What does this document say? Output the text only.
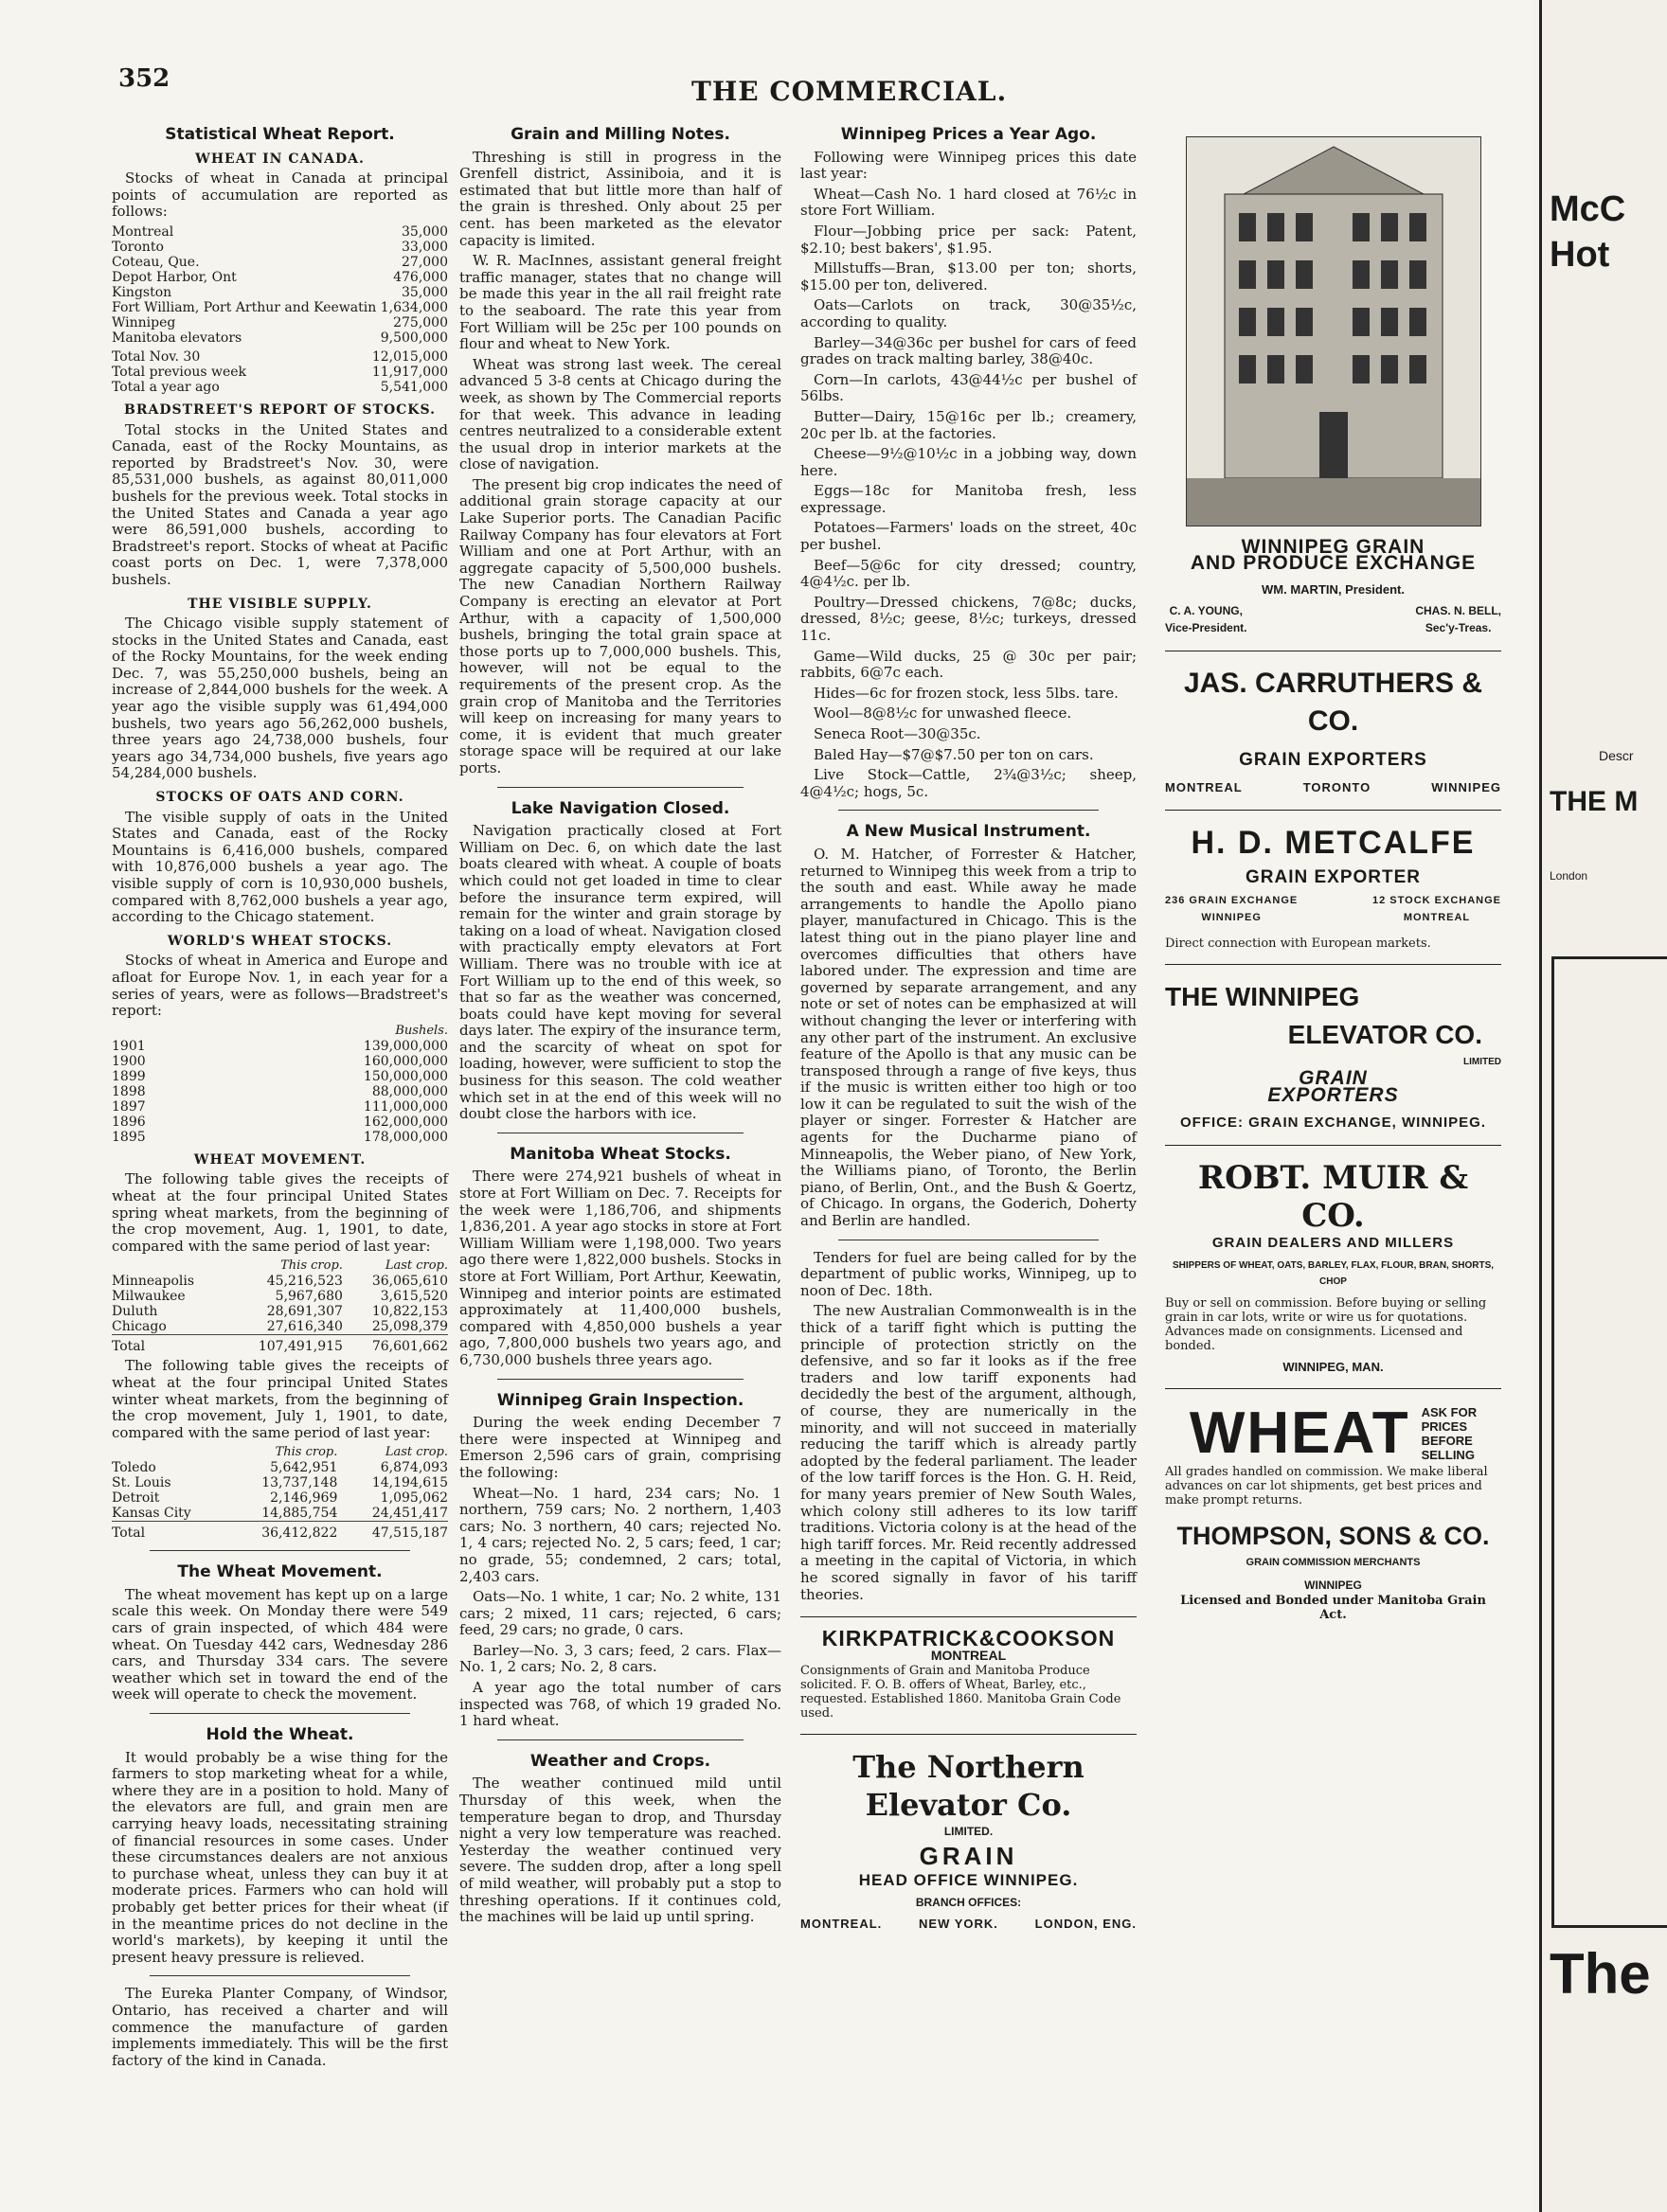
352	THE COMMERCIAL.
Statistical Wheat Report.
WHEAT IN CANADA.

Stocks of wheat in Canada at principal points of accumulation are reported as follows:

Montreal	35,000
Toronto	33,000
Coteau, Que.	27,000
Depot Harbor, Ont	476,000
Kingston	35,000
Fort William, Port Arthur and Keewatin	1,634,000
Winnipeg	275,000
Manitoba elevators	9,500,000
Total Nov. 30	12,015,000
Total previous week	11,917,000
Total a year ago	5,541,000
BRADSTREET'S REPORT OF STOCKS.

Total stocks in the United States and Canada, east of the Rocky Mountains, as reported by Bradstreet's Nov. 30, were 85,531,000 bushels, as against 80,011,000 bushels for the previous week. Total stocks in the United States and Canada a year ago were 86,591,000 bushels, according to Bradstreet's report. Stocks of wheat at Pacific coast ports on Dec. 1, were 7,378,000 bushels.

THE VISIBLE SUPPLY.

The Chicago visible supply statement of stocks in the United States and Canada, east of the Rocky Mountains, for the week ending Dec. 7, was 55,250,000 bushels, being an increase of 2,844,000 bushels for the week. A year ago the visible supply was 61,494,000 bushels, two years ago 56,262,000 bushels, three years ago 24,738,000 bushels, four years ago 34,734,000 bushels, five years ago 54,284,000 bushels.

STOCKS OF OATS AND CORN.

The visible supply of oats in the United States and Canada, east of the Rocky Mountains is 6,416,000 bushels, compared with 10,876,000 bushels a year ago. The visible supply of corn is 10,930,000 bushels, compared with 8,762,000 bushels a year ago, according to the Chicago statement.

WORLD'S WHEAT STOCKS.

Stocks of wheat in America and Europe and afloat for Europe Nov. 1, in each year for a series of years, were as follows—Bradstreet's report:

	Bushels.
1901	139,000,000
1900	160,000,000
1899	150,000,000
1898	88,000,000
1897	111,000,000
1896	162,000,000
1895	178,000,000
WHEAT MOVEMENT.

The following table gives the receipts of wheat at the four principal United States spring wheat markets, from the beginning of the crop movement, Aug. 1, 1901, to date, compared with the same period of last year:

	This crop.	Last crop.
Minneapolis	45,216,523	36,065,610
Milwaukee	5,967,680	3,615,520
Duluth	28,691,307	10,822,153
Chicago	27,616,340	25,098,379
Total	107,491,915	76,601,662

The following table gives the receipts of wheat at the four principal United States winter wheat markets, from the beginning of the crop movement, July 1, 1901, to date, compared with the same period of last year:

	This crop.	Last crop.
Toledo	5,642,951	6,874,093
St. Louis	13,737,148	14,194,615
Detroit	2,146,969	1,095,062
Kansas City	14,885,754	24,451,417
Total	36,412,822	47,515,187
The Wheat Movement.

The wheat movement has kept up on a large scale this week. On Monday there were 549 cars of grain inspected, of which 484 were wheat. On Tuesday 442 cars, Wednesday 286 cars, and Thursday 334 cars. The severe weather which set in toward the end of the week will operate to check the movement.

Hold the Wheat.

It would probably be a wise thing for the farmers to stop marketing wheat for a while, where they are in a position to hold. Many of the elevators are full, and grain men are carrying heavy loads, necessitating straining of financial resources in some cases. Under these circumstances dealers are not anxious to purchase wheat, unless they can buy it at moderate prices. Farmers who can hold will probably get better prices for their wheat (if in the meantime prices do not decline in the world's markets), by keeping it until the present heavy pressure is relieved.

The Eureka Planter Company, of Windsor, Ontario, has received a charter and will commence the manufacture of garden implements immediately. This will be the first factory of the kind in Canada.

Grain and Milling Notes.

Threshing is still in progress in the Grenfell district, Assiniboia, and it is estimated that but little more than half of the grain is threshed. Only about 25 per cent. has been marketed as the elevator capacity is limited.

W. R. MacInnes, assistant general freight traffic manager, states that no change will be made this year in the all rail freight rate to the seaboard. The rate this year from Fort William will be 25c per 100 pounds on flour and wheat to New York.

Wheat was strong last week. The cereal advanced 5 3-8 cents at Chicago during the week, as shown by The Commercial reports for that week. This advance in leading centres neutralized to a considerable extent the usual drop in interior markets at the close of navigation.

The present big crop indicates the need of additional grain storage capacity at our Lake Superior ports. The Canadian Pacific Railway Company has four elevators at Fort William and one at Port Arthur, with an aggregate capacity of 5,500,000 bushels. The new Canadian Northern Railway Company is erecting an elevator at Port Arthur, with a capacity of 1,500,000 bushels, bringing the total grain space at those ports up to 7,000,000 bushels. This, however, will not be equal to the requirements of the present crop. As the grain crop of Manitoba and the Territories will keep on increasing for many years to come, it is evident that much greater storage space will be required at our lake ports.

Lake Navigation Closed.

Navigation practically closed at Fort William on Dec. 6, on which date the last boats cleared with wheat. A couple of boats which could not get loaded in time to clear before the insurance term expired, will remain for the winter and grain storage by taking on a load of wheat. Navigation closed with practically empty elevators at Fort William. There was no trouble with ice at Fort William up to the end of this week, so that so far as the weather was concerned, boats could have kept moving for several days later. The expiry of the insurance term, and the scarcity of wheat on spot for loading, however, were sufficient to stop the business for this season. The cold weather which set in at the end of this week will no doubt close the harbors with ice.

Manitoba Wheat Stocks.

There were 274,921 bushels of wheat in store at Fort William on Dec. 7. Receipts for the week were 1,186,706, and shipments 1,836,201. A year ago stocks in store at Fort William William were 1,198,000. Two years ago there were 1,822,000 bushels. Stocks in store at Fort William, Port Arthur, Keewatin, Winnipeg and interior points are estimated approximately at 11,400,000 bushels, compared with 4,850,000 bushels a year ago, 7,800,000 bushels two years ago, and 6,730,000 bushels three years ago.

Winnipeg Grain Inspection.

During the week ending December 7 there were inspected at Winnipeg and Emerson 2,596 cars of grain, comprising the following:

Wheat—No. 1 hard, 234 cars; No. 1 northern, 759 cars; No. 2 northern, 1,403 cars; No. 3 northern, 40 cars; rejected No. 1, 4 cars; rejected No. 2, 5 cars; feed, 1 car; no grade, 55; condemned, 2 cars; total, 2,403 cars.

Oats—No. 1 white, 1 car; No. 2 white, 131 cars; 2 mixed, 11 cars; rejected, 6 cars; feed, 29 cars; no grade, 0 cars.

Barley—No. 3, 3 cars; feed, 2 cars. Flax—No. 1, 2 cars; No. 2, 8 cars.

A year ago the total number of cars inspected was 768, of which 19 graded No. 1 hard wheat.

Weather and Crops.

The weather continued mild until Thursday of this week, when the temperature began to drop, and Thursday night a very low temperature was reached. Yesterday the weather continued very severe. The sudden drop, after a long spell of mild weather, will probably put a stop to threshing operations. If it continues cold, the machines will be laid up until spring.

Winnipeg Prices a Year Ago.

Following were Winnipeg prices this date last year:

Wheat—Cash No. 1 hard closed at 76½c in store Fort William.

Flour—Jobbing price per sack: Patent, $2.10; best bakers', $1.95.

Millstuffs—Bran, $13.00 per ton; shorts, $15.00 per ton, delivered.

Oats—Carlots on track, 30@35½c, according to quality.

Barley—34@36c per bushel for cars of feed grades on track malting barley, 38@40c.

Corn—In carlots, 43@44½c per bushel of 56lbs.

Butter—Dairy, 15@16c per lb.; creamery, 20c per lb. at the factories.

Cheese—9½@10½c in a jobbing way, down here.

Eggs—18c for Manitoba fresh, less expressage.

Potatoes—Farmers' loads on the street, 40c per bushel.

Beef—5@6c for city dressed; country, 4@4½c. per lb.

Poultry—Dressed chickens, 7@8c; ducks, dressed, 8½c; geese, 8½c; turkeys, dressed 11c.

Game—Wild ducks, 25 @ 30c per pair; rabbits, 6@7c each.

Hides—6c for frozen stock, less 5lbs. tare.

Wool—8@8½c for unwashed fleece.

Seneca Root—30@35c.

Baled Hay—$7@$7.50 per ton on cars.

Live Stock—Cattle, 2¾@3½c; sheep, 4@4½c; hogs, 5c.

A New Musical Instrument.

O. M. Hatcher, of Forrester & Hatcher, returned to Winnipeg this week from a trip to the south and east. While away he made arrangements to handle the Apollo piano player, manufactured in Chicago. This is the latest thing out in the piano player line and overcomes difficulties that others have labored under. The expression and time are governed by separate arrangement, and any note or set of notes can be emphasized at will without changing the lever or interfering with any other part of the instrument. An exclusive feature of the Apollo is that any music can be transposed through a range of five keys, thus if the music is written either too high or too low it can be regulated to suit the wish of the player or singer. Forrester & Hatcher are agents for the Ducharme piano of Minneapolis, the Weber piano, of New York, the Williams piano, of Toronto, the Berlin piano, of Berlin, Ont., and the Bush & Goertz, of Chicago. In organs, the Goderich, Doherty and Berlin are handled.

Tenders for fuel are being called for by the department of public works, Winnipeg, up to noon of Dec. 18th.

The new Australian Commonwealth is in the thick of a tariff fight which is putting the principle of protection strictly on the defensive, and so far it looks as if the free traders and low tariff exponents had decidedly the best of the argument, although, of course, they are numerically in the minority, and will not succeed in materially reducing the tariff which is already partly adopted by the federal parliament. The leader of the low tariff forces is the Hon. G. H. Reid, for many years premier of New South Wales, which colony still adheres to its low tariff traditions. Victoria colony is at the head of the high tariff forces. Mr. Reid recently addressed a meeting in the capital of Victoria, in which he scored signally in favor of his tariff theories.

KIRKPATRICK&COOKSON
MONTREAL
Consignments of Grain and Manitoba Produce solicited. F. O. B. offers of Wheat, Barley, etc., requested. Established 1860. Manitoba Grain Code used.
The Northern Elevator Co.
LIMITED.
GRAIN
HEAD OFFICE WINNIPEG.
BRANCH OFFICES:
MONTREAL.	NEW YORK.	LONDON, ENG.
WINNIPEG GRAIN
AND PRODUCE EXCHANGE
WM. MARTIN, President.
C. A. YOUNG,
Vice-President.
CHAS. N. BELL,
Sec'y-Treas.
JAS. CARRUTHERS & CO.
GRAIN EXPORTERS
MONTREAL	TORONTO	WINNIPEG
H. D. METCALFE
GRAIN EXPORTER
236 GRAIN EXCHANGE
WINNIPEG
12 STOCK EXCHANGE
MONTREAL
Direct connection with European markets.
THE WINNIPEG
ELEVATOR CO.
LIMITED
GRAIN
EXPORTERS
OFFICE: GRAIN EXCHANGE, WINNIPEG.
ROBT. MUIR & CO.
GRAIN DEALERS AND MILLERS
SHIPPERS OF WHEAT, OATS, BARLEY, FLAX, FLOUR, BRAN, SHORTS, CHOP
Buy or sell on commission. Before buying or selling grain in car lots, write or wire us for quotations. Advances made on consignments. Licensed and bonded.
WINNIPEG, MAN.
WHEAT ASK FOR
PRICES
BEFORE
SELLING
All grades handled on commission. We make liberal advances on car lot shipments, get best prices and make prompt returns.
THOMPSON, SONS & CO.
GRAIN COMMISSION MERCHANTS
WINNIPEG
Licensed and Bonded under Manitoba Grain Act.
McC
Hot
Descr
THE M
London
The
